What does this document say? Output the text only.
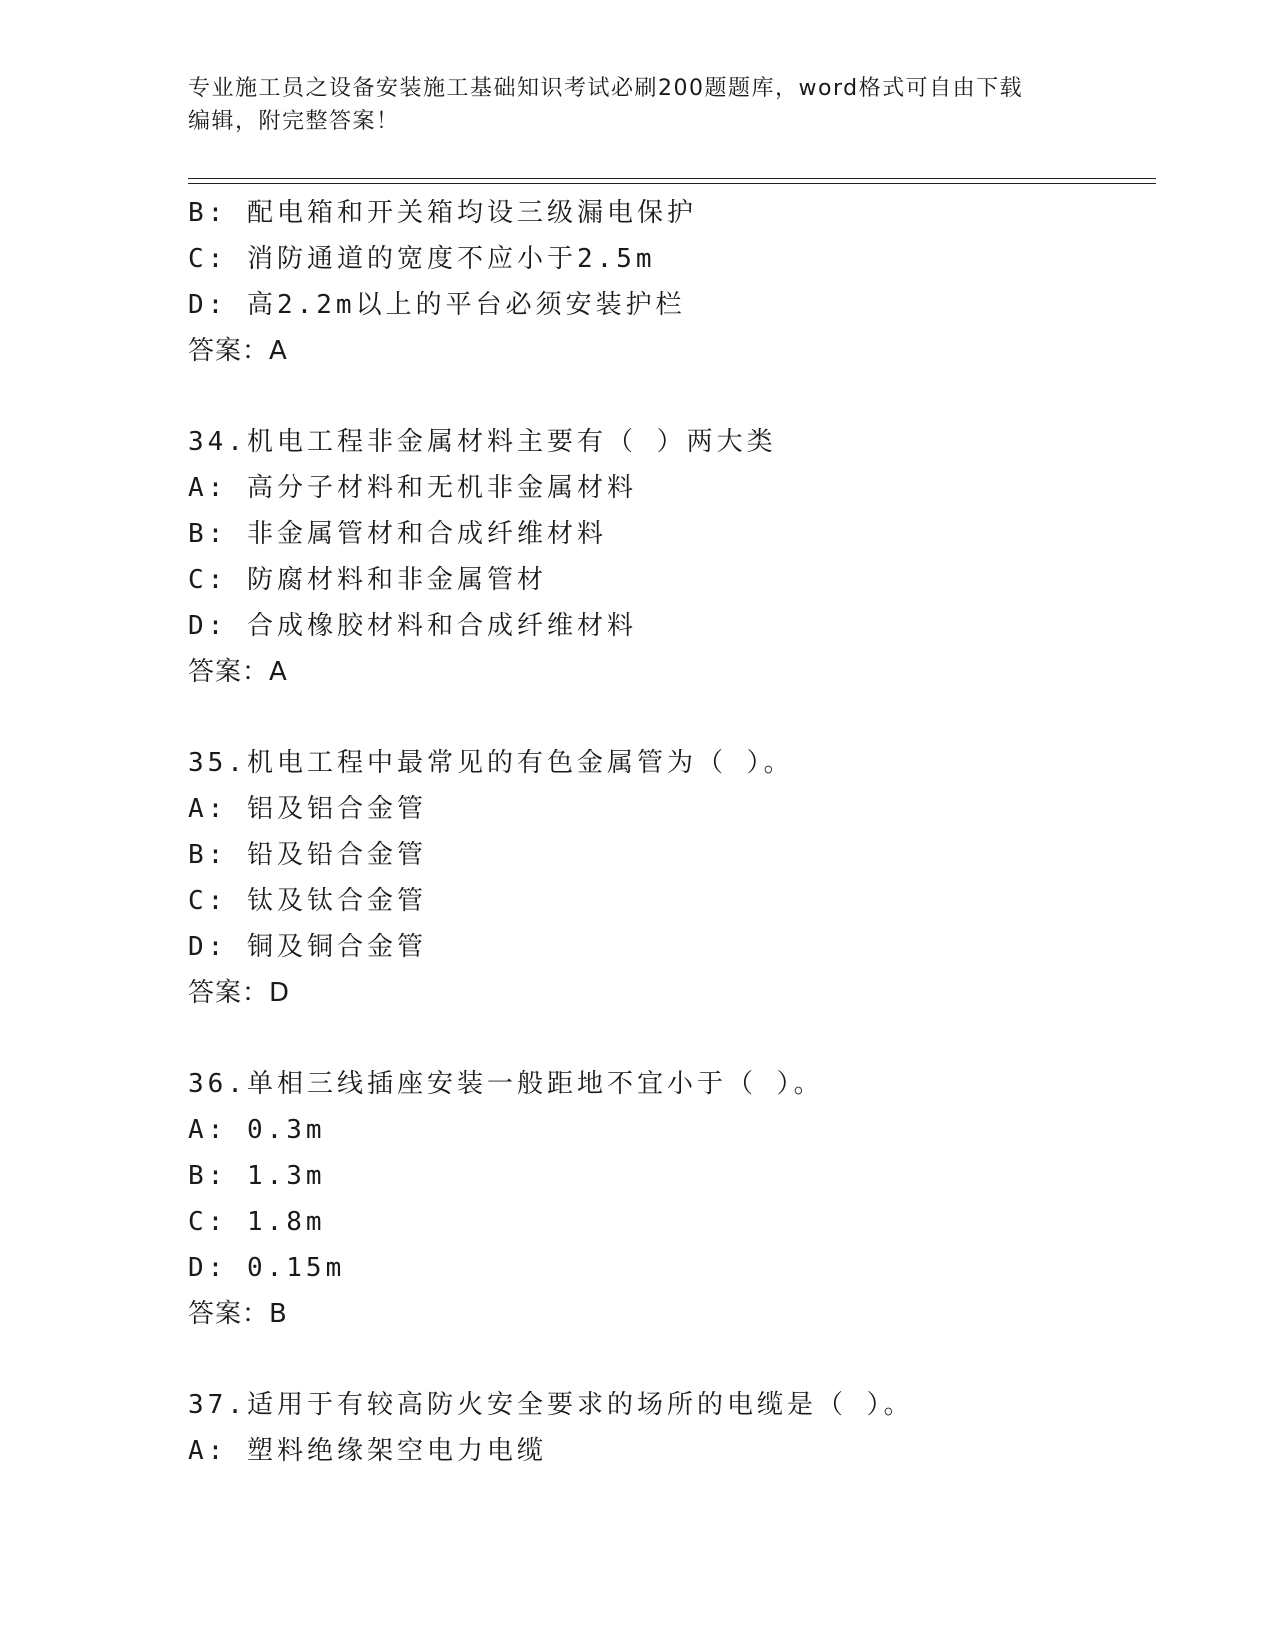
专业施工员之设备安装施工基础知识考试必刷200题题库，word格式可自由下载
编辑，附完整答案！
B: 配电箱和开关箱均设三级漏电保护
C: 消防通道的宽度不应小于2.5m
D: 高2.2m以上的平台必须安装护栏
答案：A
34.机电工程非金属材料主要有（ ）两大类
A: 高分子材料和无机非金属材料
B: 非金属管材和合成纤维材料
C: 防腐材料和非金属管材
D: 合成橡胶材料和合成纤维材料
答案：A
35.机电工程中最常见的有色金属管为（ ）。
A: 铝及铝合金管
B: 铅及铅合金管
C: 钛及钛合金管
D: 铜及铜合金管
答案：D
36.单相三线插座安装一般距地不宜小于（ ）。
A: 0.3m
B: 1.3m
C: 1.8m
D: 0.15m
答案：B
37.适用于有较高防火安全要求的场所的电缆是（ ）。
A: 塑料绝缘架空电力电缆
